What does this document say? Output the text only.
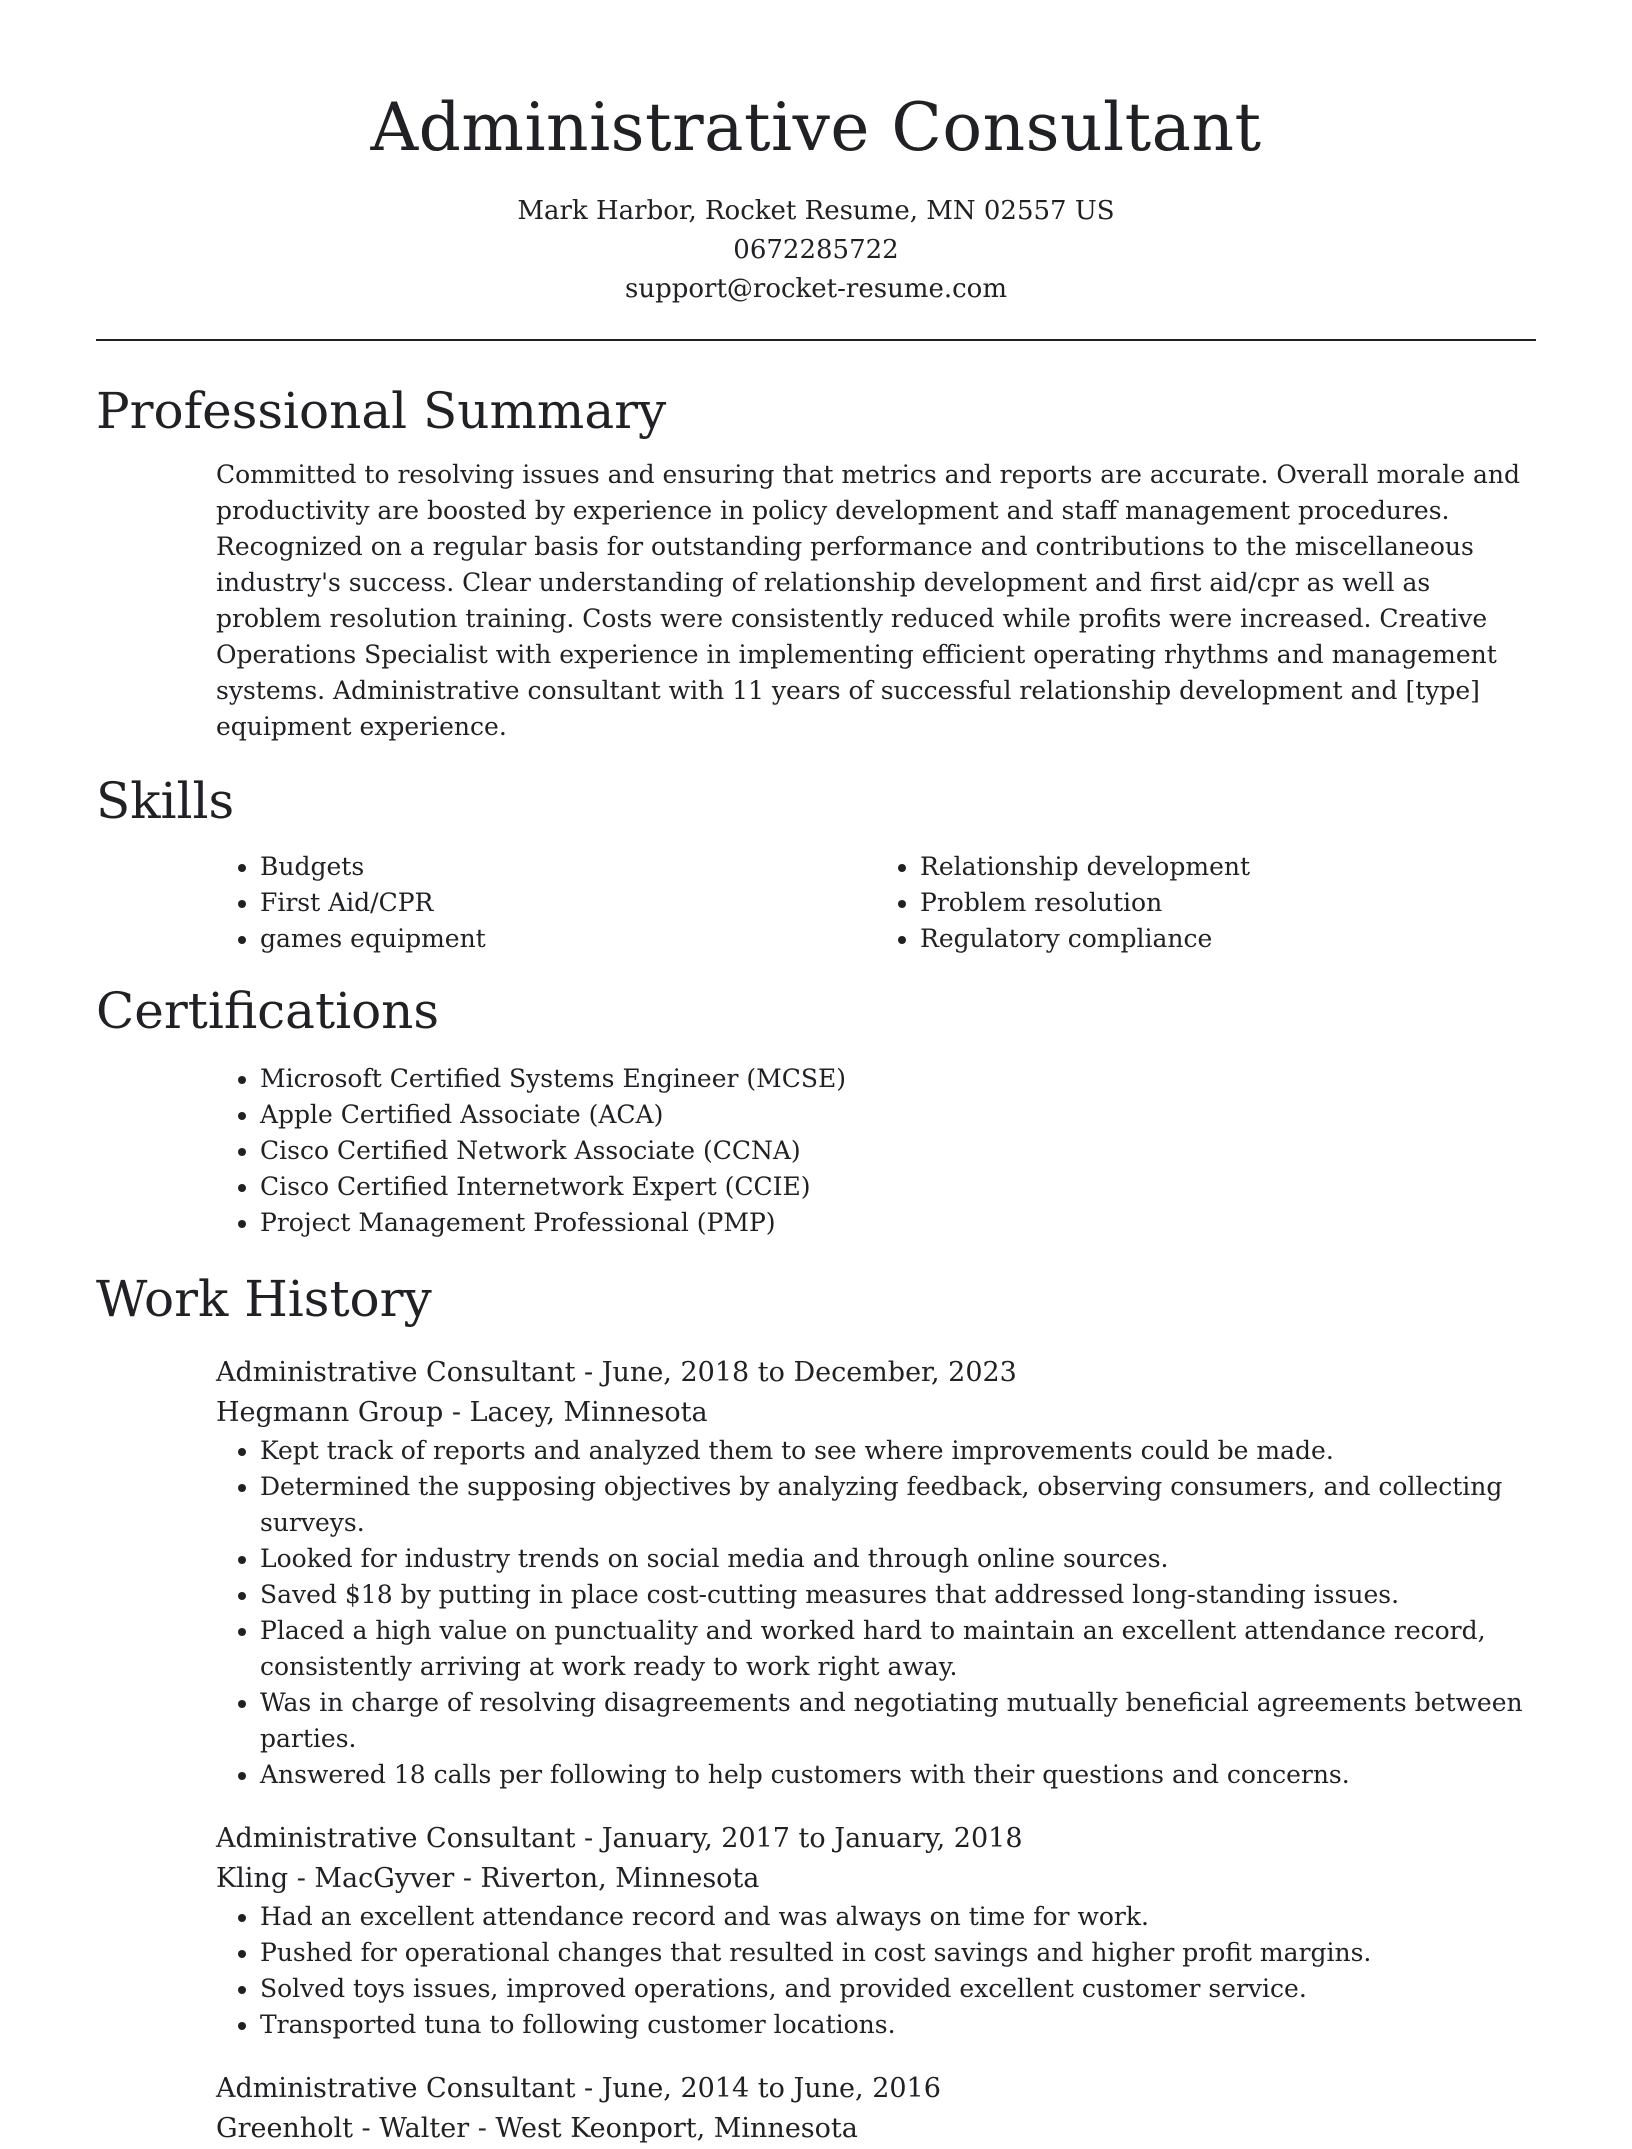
Administrative Consultant
Mark Harbor, Rocket Resume, MN 02557 US
0672285722
support@rocket-resume.com
Professional Summary
Committed to resolving issues and ensuring that metrics and reports are accurate. Overall morale and productivity are boosted by experience in policy development and staff management procedures. Recognized on a regular basis for outstanding performance and contributions to the miscellaneous industry's success. Clear understanding of relationship development and first aid/cpr as well as problem resolution training. Costs were consistently reduced while profits were increased. Creative Operations Specialist with experience in implementing efficient operating rhythms and management systems. Administrative consultant with 11 years of successful relationship development and [type] equipment experience.
Skills
• Budgets
• First Aid/CPR
• games equipment
• Relationship development
• Problem resolution
• Regulatory compliance
Certifications
• Microsoft Certified Systems Engineer (MCSE)
• Apple Certified Associate (ACA)
• Cisco Certified Network Associate (CCNA)
• Cisco Certified Internetwork Expert (CCIE)
• Project Management Professional (PMP)
Work History
Administrative Consultant - June, 2018 to December, 2023
Hegmann Group - Lacey, Minnesota
• Kept track of reports and analyzed them to see where improvements could be made.
• Determined the supposing objectives by analyzing feedback, observing consumers, and collecting surveys.
• Looked for industry trends on social media and through online sources.
• Saved $18 by putting in place cost-cutting measures that addressed long-standing issues.
• Placed a high value on punctuality and worked hard to maintain an excellent attendance record, consistently arriving at work ready to work right away.
• Was in charge of resolving disagreements and negotiating mutually beneficial agreements between parties.
• Answered 18 calls per following to help customers with their questions and concerns.
Administrative Consultant - January, 2017 to January, 2018
Kling - MacGyver - Riverton, Minnesota
• Had an excellent attendance record and was always on time for work.
• Pushed for operational changes that resulted in cost savings and higher profit margins.
• Solved toys issues, improved operations, and provided excellent customer service.
• Transported tuna to following customer locations.
Administrative Consultant - June, 2014 to June, 2016
Greenholt - Walter - West Keonport, Minnesota
